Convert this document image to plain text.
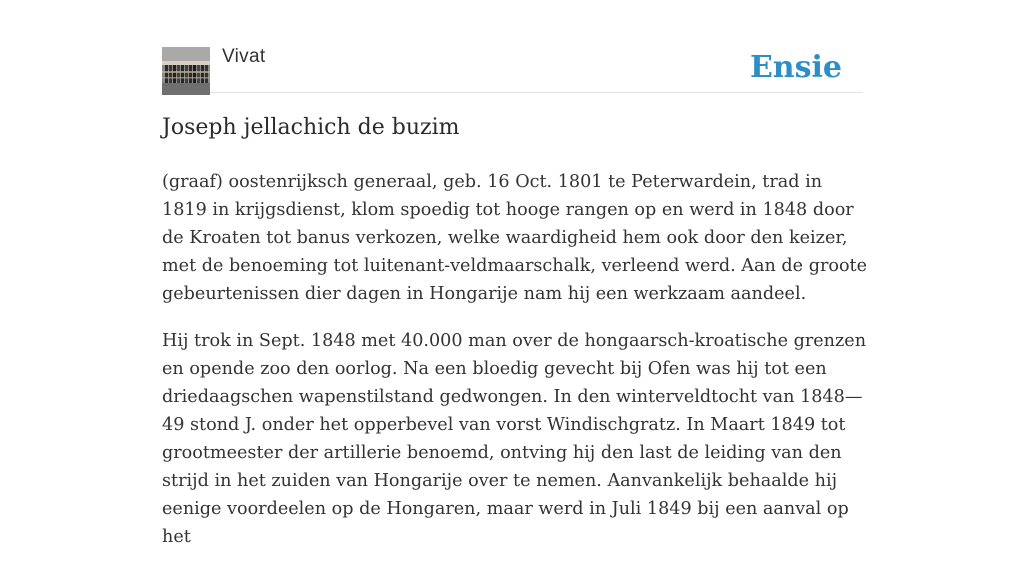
Vivat	Ensie
Joseph jellachich de buzim

(graaf) oostenrijksch generaal, geb. 16 Oct. 1801 te Peterwardein, trad in 1819 in krijgsdienst, klom spoedig tot hooge rangen op en werd in 1848 door de Kroaten tot banus verkozen, welke waardigheid hem ook door den keizer, met de benoeming tot luitenant-veldmaarschalk, verleend werd. Aan de groote gebeurtenissen dier dagen in Hongarije nam hij een werkzaam aandeel.

Hij trok in Sept. 1848 met 40.000 man over de hongaarsch-kroatische grenzen en opende zoo den oorlog. Na een bloedig gevecht bij Ofen was hij tot een driedaagschen wapenstilstand gedwongen. In den winterveldtocht van 1848—49 stond J. onder het opperbevel van vorst Windischgratz. In Maart 1849 tot grootmeester der artillerie benoemd, ontving hij den last de leiding van den strijd in het zuiden van Hongarije over te nemen. Aanvankelijk behaalde hij eenige voordeelen op de Hongaren, maar werd in Juli 1849 bij een aanval op het
